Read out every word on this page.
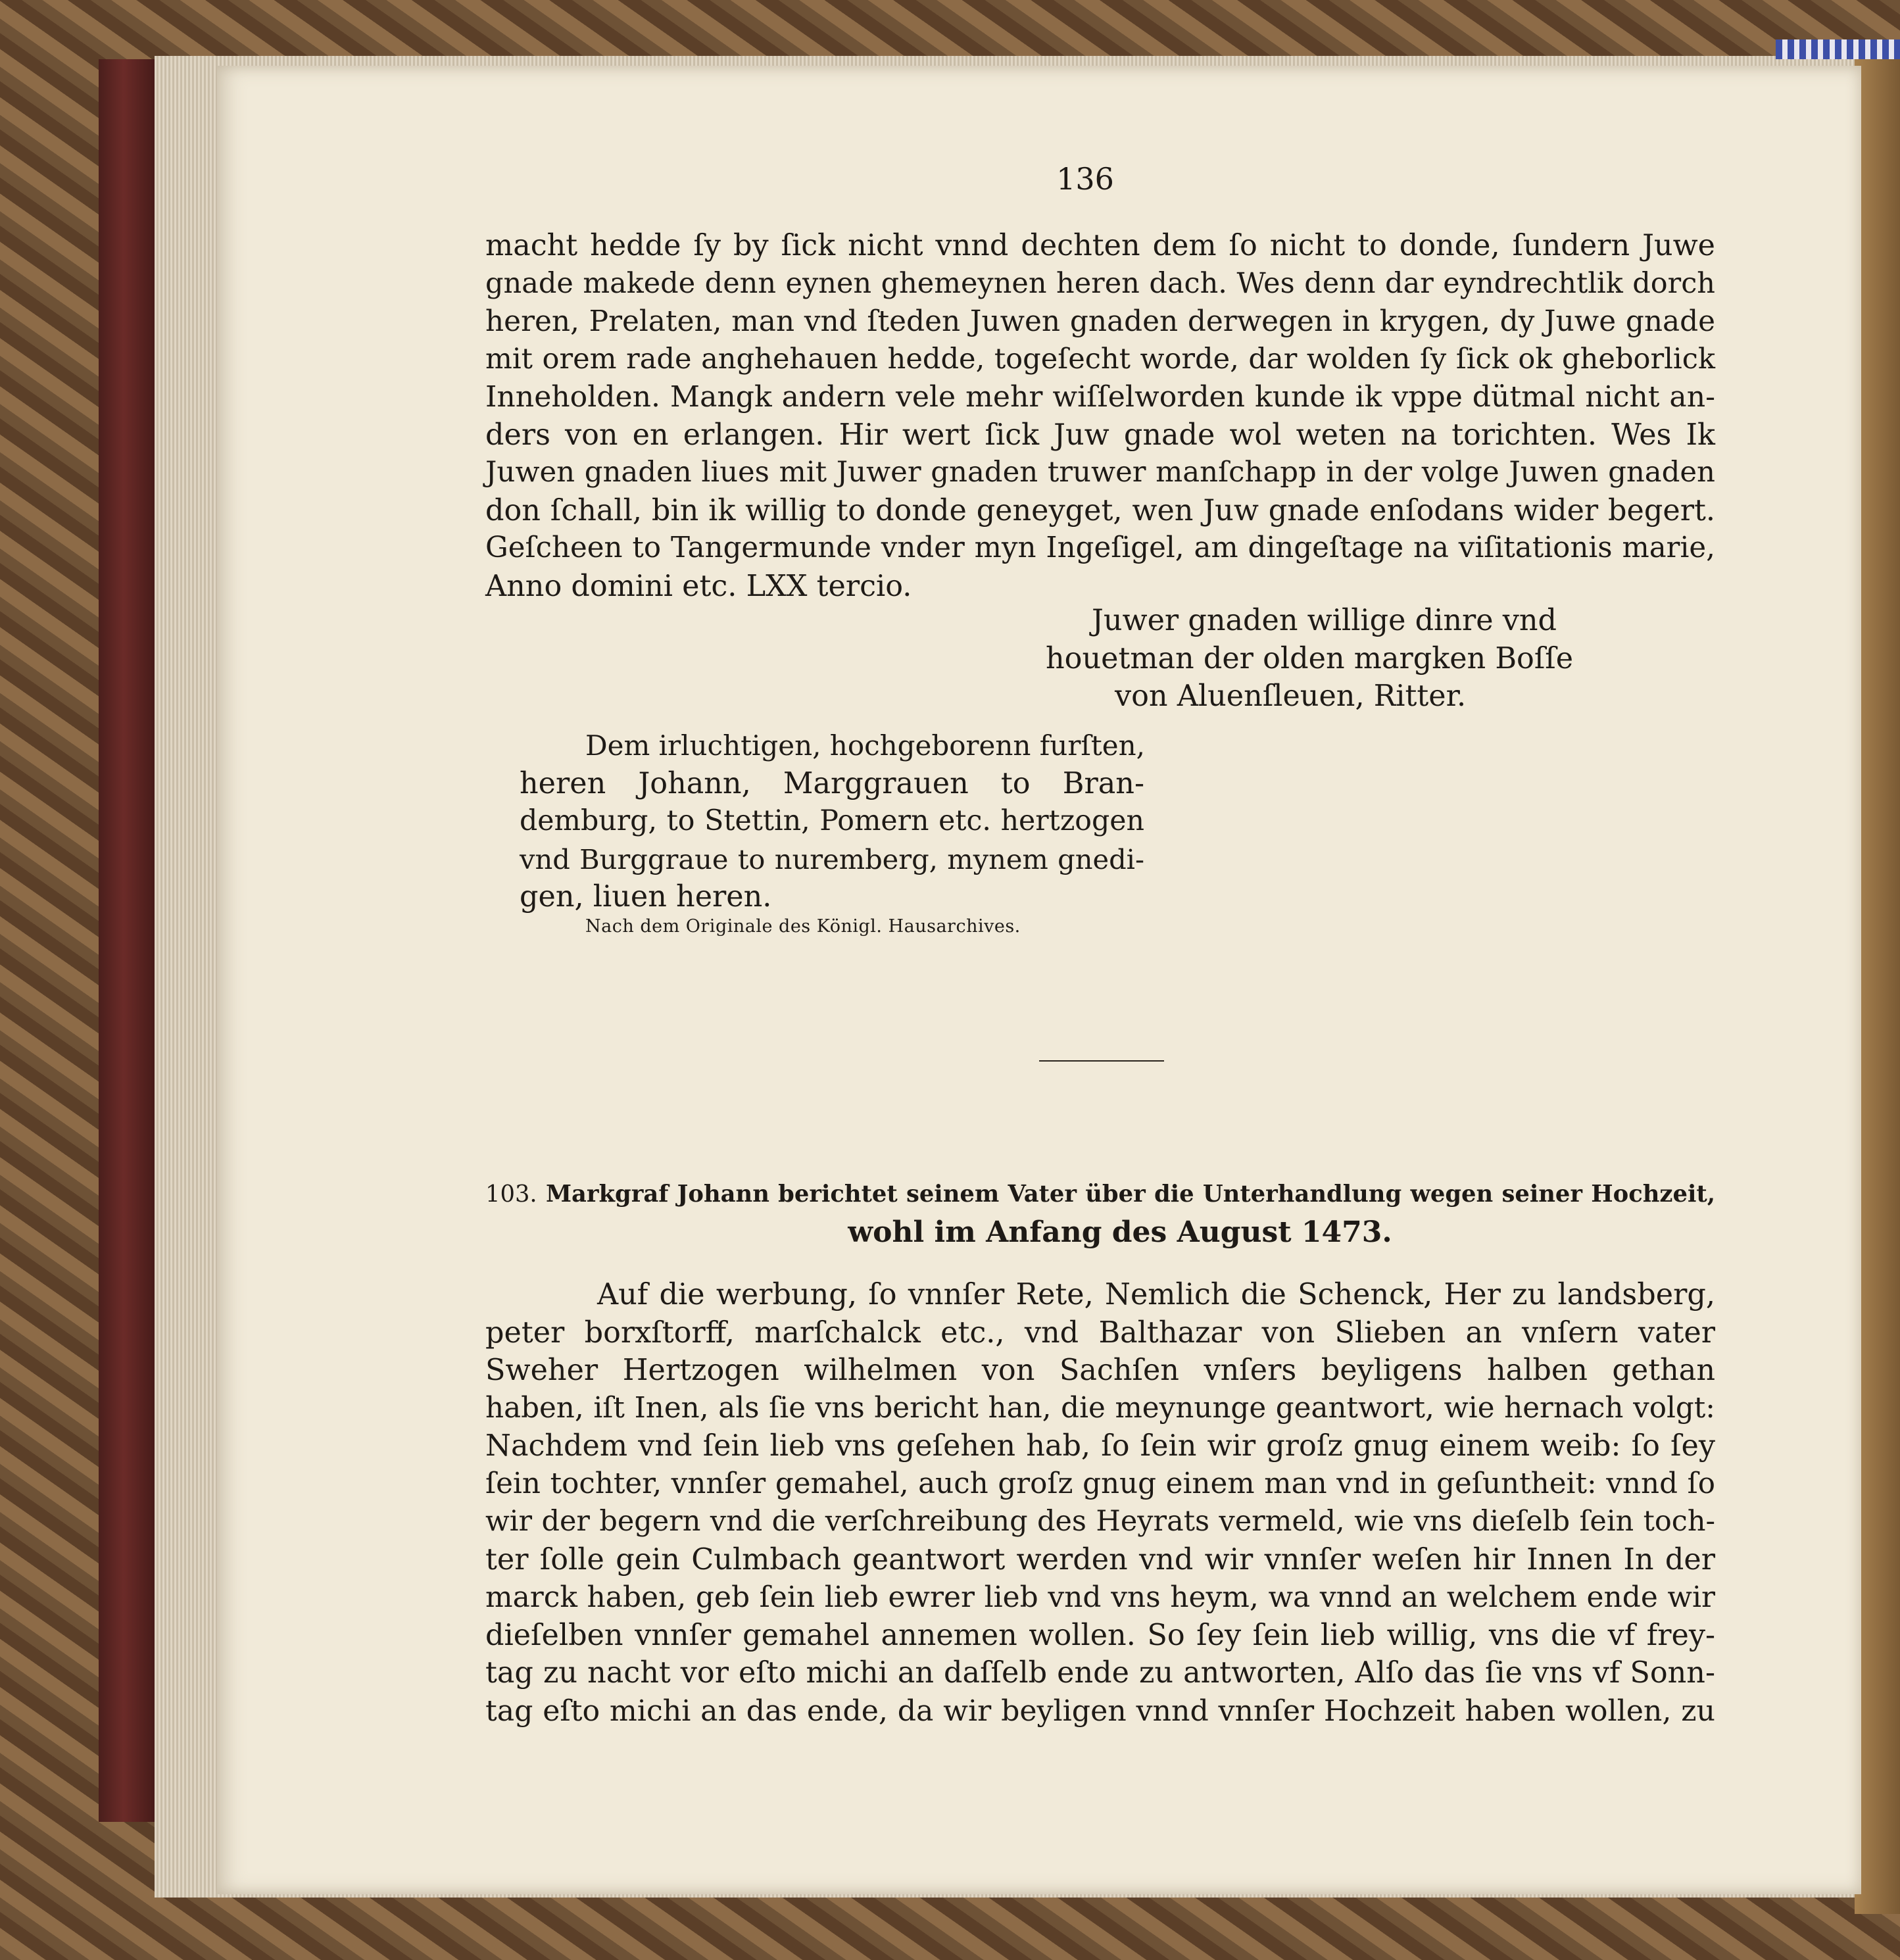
136
macht hedde ſy by ſick nicht vnnd dechten dem ſo nicht to donde, ſundern Juwe
gnade makede denn eynen ghemeynen heren dach. Wes denn dar eyndrechtlik dorch
heren, Prelaten, man vnd ſteden Juwen gnaden derwegen in krygen, dy Juwe gnade
mit orem rade anghehauen hedde, togeſecht worde, dar wolden ſy ſick ok gheborlick
Inneholden. Mangk andern vele mehr wiſſelworden kunde ik vppe dütmal nicht an-
ders von en erlangen. Hir wert ſick Juw gnade wol weten na torichten. Wes Ik
Juwen gnaden lіues mit Juwer gnaden truwer manſchapp in der volge Juwen gnaden
don ſchall, bin ik willig to donde geneyget, wen Juw gnade enſodans wider begert.
Geſcheen to Tangermunde vnder myn Ingeſigel, am dingeſtage na viſitationis marie,
Anno domini etc. LXX tercio.
Juwer gnaden willige dinre vnd
houetman der olden margken Boſſe
von Aluenſleuen, Ritter.
Dem irluchtigen, hochgeborenn furſten,
heren Johann, Marggrauen to Bran-
demburg, to Stettin, Pomern etc. hertzogen
vnd Burggraue to nuremberg, mynem gnedi-
gen, liuen heren.
Nach dem Originale des Königl. Hausarchives.
103. Markgraf Johann berichtet seinem Vater über die Unterhandlung wegen seiner Hochzeit,
wohl im Anfang des August 1473.
Auf die werbung, ſo vnnſer Rete, Nemlich die Schenck, Her zu landsberg,
peter borxſtorff, marſchalck etc., vnd Balthazar von Slieben an vnſern vater
Sweher Hertzogen wilhelmen von Sachſen vnſers beyligens halben gethan
haben, iſt Inen, als ſie vns bericht han, die meynunge geantwort, wie hernach volgt:
Nachdem vnd ſein lieb vns geſehen hab, ſo ſein wir groſz gnug einem weib: ſo ſey
ſein tochter, vnnſer gemahel, auch groſz gnug einem man vnd in geſuntheit: vnnd ſo
wir der begern vnd die verſchreibung des Heyrats vermeld, wie vns dieſelb ſein toch-
ter ſolle gein Culmbach geantwort werden vnd wir vnnſer weſen hir Innen In der
marck haben, geb ſein lieb ewrer lieb vnd vns heym, wa vnnd an welchem ende wir
dieſelben vnnſer gemahel annemen wollen. So ſey ſein lieb willig, vns die vf frey-
tag zu nacht vor eſto michi an daſſelb ende zu antworten, Alſo das ſie vns vf Sonn-
tag eſto michi an das ende, da wir beyligen vnnd vnnſer Hochzeit haben wollen, zu
